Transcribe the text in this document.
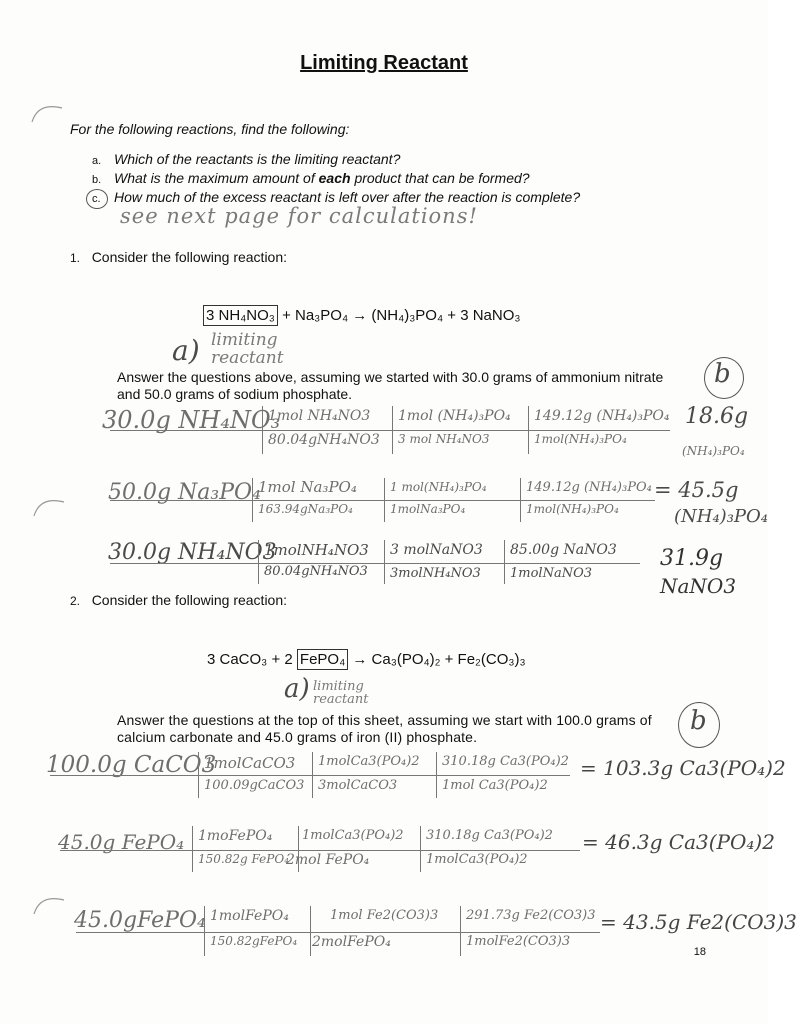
Limiting Reactant
For the following reactions, find the following:
a. Which of the reactants is the limiting reactant?
b. What is the maximum amount of each product that can be formed?
c. How much of the excess reactant is left over after the reaction is complete?
see next page for calculations!
1. Consider the following reaction:
3 NH₄NO₃ + Na₃PO₄ → (NH₄)₃PO₄ + 3 NaNO₃
a) limiting
reactant
Answer the questions above, assuming we started with 30.0 grams of ammonium nitrate
and 50.0 grams of sodium phosphate.
b
30.0g NH₄NO₃
1mol NH₄NO3
80.04gNH₄NO3
1mol (NH₄)₃PO₄
3 mol NH₄NO3
149.12g (NH₄)₃PO₄
1mol(NH₄)₃PO₄
18.6g
(NH₄)₃PO₄
50.0g Na₃PO₄
1mol Na₃PO₄
163.94gNa₃PO₄
1 mol(NH₄)₃PO₄
1molNa₃PO₄
149.12g (NH₄)₃PO₄
1mol(NH₄)₃PO₄
= 45.5g
(NH₄)₃PO₄
30.0g NH₄NO3
1molNH₄NO3
80.04gNH₄NO3
3 molNaNO3
3molNH₄NO3
85.00g NaNO3
1molNaNO3
31.9g
NaNO3
2. Consider the following reaction:
3 CaCO₃ + 2 FePO₄ → Ca₃(PO₄)₂ + Fe₂(CO₃)₃
a) limiting
reactant
Answer the questions at the top of this sheet, assuming we start with 100.0 grams of
calcium carbonate and 45.0 grams of iron (II) phosphate.
b
100.0g CaCO3
1molCaCO3
100.09gCaCO3
1molCa3(PO₄)2
3molCaCO3
310.18g Ca3(PO₄)2
1mol Ca3(PO₄)2
= 103.3g Ca3(PO₄)2
45.0g FePO₄ 1moFePO₄
150.82g FePO₄
1molCa3(PO₄)2
2mol FePO₄
310.18g Ca3(PO₄)2
1molCa3(PO₄)2
= 46.3g Ca3(PO₄)2
45.0gFePO₄ 1molFePO₄
150.82gFePO₄
1mol Fe2(CO3)3
2molFePO₄
291.73g Fe2(CO3)3
1molFe2(CO3)3
= 43.5g Fe2(CO3)3
18
